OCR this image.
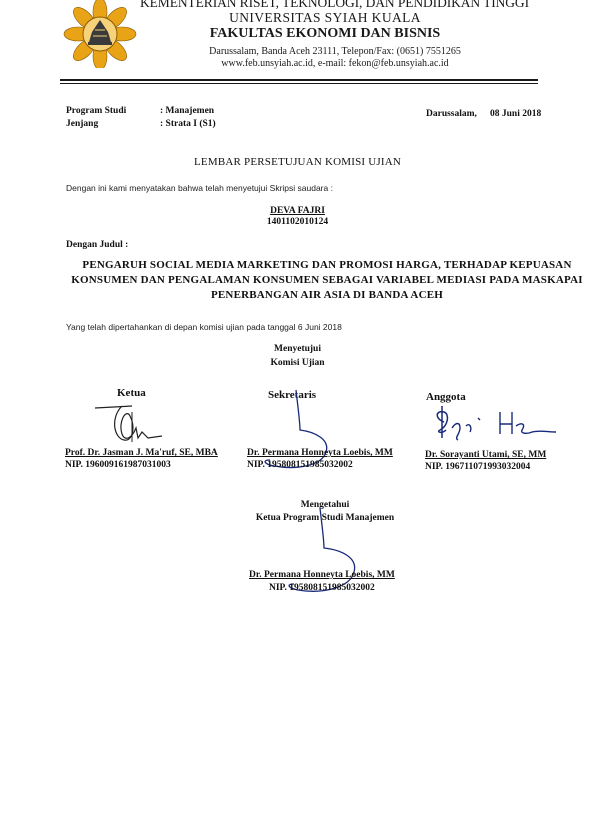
KEMENTERIAN RISET, TEKNOLOGI, DAN PENDIDIKAN TINGGI
UNIVERSITAS SYIAH KUALA
FAKULTAS EKONOMI DAN BISNIS
Darussalam, Banda Aceh 23111, Telepon/Fax: (0651) 7551265
www.feb.unsyiah.ac.id, e-mail: fekon@feb.unsyiah.ac.id
Program Studi	: Manajemen
Jenjang	: Strata I (S1)
Darussalam, 08 Juni 2018
LEMBAR PERSETUJUAN KOMISI UJIAN
Dengan ini kami menyatakan bahwa telah menyetujui Skripsi saudara :
DEVA FAJRI
1401102010124
Dengan Judul :
PENGARUH SOCIAL MEDIA MARKETING DAN PROMOSI HARGA, TERHADAP KEPUASAN KONSUMEN DAN PENGALAMAN KONSUMEN SEBAGAI VARIABEL MEDIASI PADA MASKAPAI PENERBANGAN AIR ASIA DI BANDA ACEH
Yang telah dipertahankan di depan komisi ujian pada tanggal 6 Juni 2018
Menyetujui
Komisi Ujian
Ketua
Prof. Dr. Jasman J. Ma'ruf, SE, MBA
NIP. 196009161987031003
Sekretaris
Dr. Permana Honneyta Loebis, MM
NIP. 195808151985032002
Anggota
Dr. Sorayanti Utami, SE, MM
NIP. 196711071993032004
Mengetahui
Ketua Program Studi Manajemen
Dr. Permana Honneyta Loebis, MM
NIP. 195808151985032002
